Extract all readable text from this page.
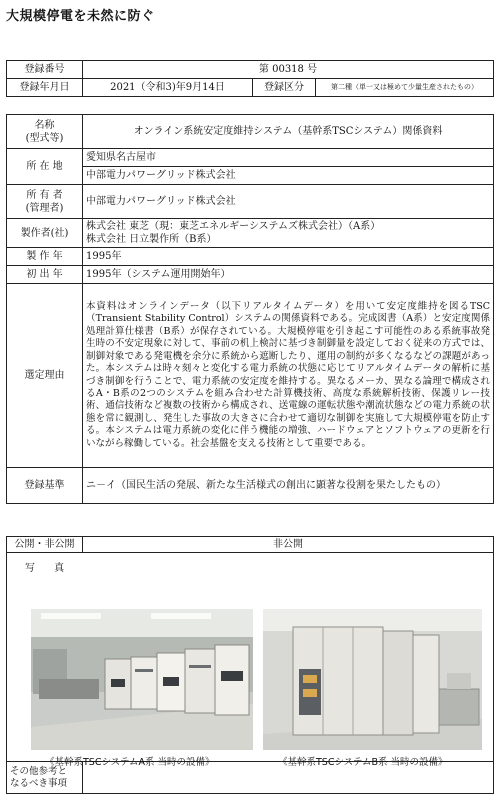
大規模停電を未然に防ぐ
登録番号	第 00318 号		
登録年月日	2021（令和3)年9月14日	登録区分	第二種（単一又は極めて少量生産されたもの）
名称
(型式等)	オンライン系統安定度維持システム（基幹系TSCシステム）関係資料
所 在 地	愛知県名古屋市
	中部電力パワーグリッド株式会社
所 有 者
(管理者)	中部電力パワーグリッド株式会社
製作者(社)	株式会社 東芝（現：東芝エネルギーシステムズ株式会社）（A系）
株式会社 日立製作所（B系）

製 作 年	1995年
初 出 年	1995年（システム運用開始年）
選定理由	本資料はオンラインデータ（以下リアルタイムデータ）を用いて安定度維持を図るTSC（Transient Stability Control）システムの関係資料である。完成図書（A系）と安定度関係処理計算仕様書（B系）が保存されている。大規模停電を引き起こす可能性のある系統事故発生時の不安定現象に対して、事前の机上検討に基づき制御量を設定しておく従来の方式では、制御対象である発電機を余分に系統から遮断したり、運用の制約が多くなるなどの課題があった。本システムは時々刻々と変化する電力系統の状態に応じてリアルタイムデータの解析に基づき制御を行うことで、電力系統の安定度を維持する。異なるメーカ、異なる論理で構成されるA・B系の2つのシステムを組み合わせた計算機技術、高度な系統解析技術、保護リレー技術、通信技術など複数の技術から構成され、送電線の運転状態や潮流状態などの電力系統の状態を常に観測し、発生した事故の大きさに合わせて適切な制御を実施して大規模停電を防止する。本システムは電力系統の変化に伴う機能の増強、ハードウェアとソフトウェアの更新を行いながら稼働している。社会基盤を支える技術として重要である。
登録基準	ニ－イ（国民生活の発展、新たな生活様式の創出に顕著な役割を果たしたもの）
公開・非公開	非公開

写 真
《基幹系TSCシステムA系 当時の設備》 《基幹系TSCシステムB系 当時の設備》	

その他参考と
なるべき事項	
